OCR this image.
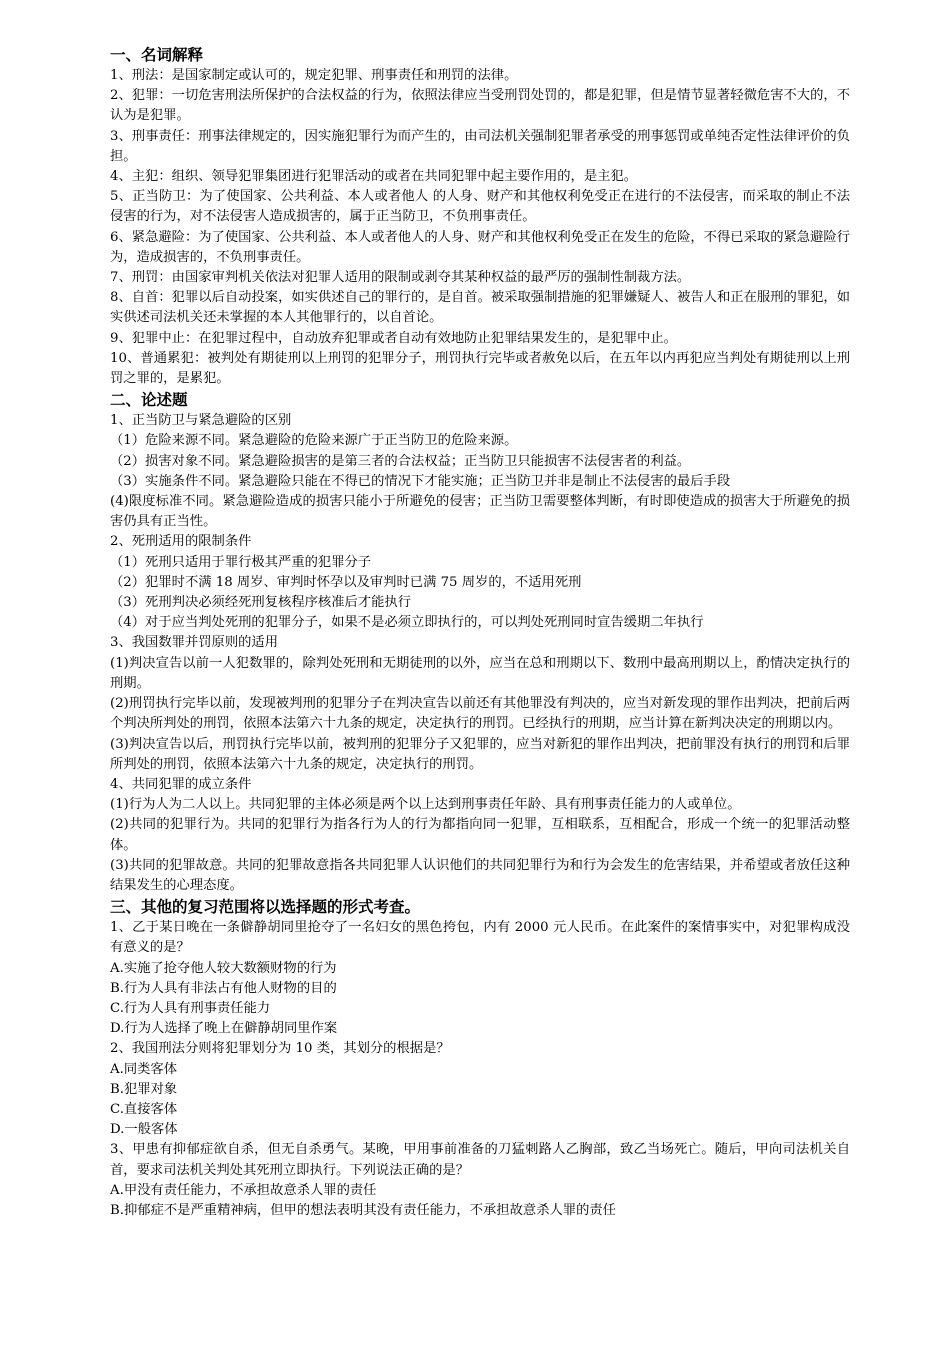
一、名词解释

1、刑法：是国家制定或认可的，规定犯罪、刑事责任和刑罚的法律。

2、犯罪：一切危害刑法所保护的合法权益的行为，依照法律应当受刑罚处罚的，都是犯罪，但是情节显著轻微危害不大的，不认为是犯罪。

3、刑事责任：刑事法律规定的，因实施犯罪行为而产生的，由司法机关强制犯罪者承受的刑事惩罚或单纯否定性法律评价的负担。

4、主犯：组织、领导犯罪集团进行犯罪活动的或者在共同犯罪中起主要作用的，是主犯。

5、正当防卫：为了使国家、公共利益、本人或者他人 的人身、财产和其他权利免受正在进行的不法侵害，而采取的制止不法侵害的行为，对不法侵害人造成损害的，属于正当防卫，不负刑事责任。

6、紧急避险：为了使国家、公共利益、本人或者他人的人身、财产和其他权利免受正在发生的危险，不得已采取的紧急避险行为，造成损害的，不负刑事责任。

7、刑罚：由国家审判机关依法对犯罪人适用的限制或剥夺其某种权益的最严厉的强制性制裁方法。

8、自首：犯罪以后自动投案，如实供述自己的罪行的，是自首。被采取强制措施的犯罪嫌疑人、被告人和正在服刑的罪犯，如实供述司法机关还未掌握的本人其他罪行的，以自首论。

9、犯罪中止：在犯罪过程中，自动放弃犯罪或者自动有效地防止犯罪结果发生的，是犯罪中止。

10、普通累犯：被判处有期徒刑以上刑罚的犯罪分子，刑罚执行完毕或者赦免以后，在五年以内再犯应当判处有期徒刑以上刑罚之罪的，是累犯。

二、论述题

1、正当防卫与紧急避险的区别

（1）危险来源不同。紧急避险的危险来源广于正当防卫的危险来源。

（2）损害对象不同。紧急避险损害的是第三者的合法权益；正当防卫只能损害不法侵害者的利益。

（3）实施条件不同。紧急避险只能在不得已的情况下才能实施；正当防卫并非是制止不法侵害的最后手段

(4)限度标准不同。紧急避险造成的损害只能小于所避免的侵害；正当防卫需要整体判断，有时即使造成的损害大于所避免的损害仍具有正当性。

2、死刑适用的限制条件

（1）死刑只适用于罪行极其严重的犯罪分子

（2）犯罪时不满 18 周岁、审判时怀孕以及审判时已满 75 周岁的，不适用死刑

（3）死刑判决必须经死刑复核程序核准后才能执行

（4）对于应当判处死刑的犯罪分子，如果不是必须立即执行的，可以判处死刑同时宣告缓期二年执行

3、我国数罪并罚原则的适用

(1)判决宣告以前一人犯数罪的，除判处死刑和无期徒刑的以外，应当在总和刑期以下、数刑中最高刑期以上，酌情决定执行的刑期。

(2)刑罚执行完毕以前，发现被判刑的犯罪分子在判决宣告以前还有其他罪没有判决的，应当对新发现的罪作出判决，把前后两个判决所判处的刑罚，依照本法第六十九条的规定，决定执行的刑罚。已经执行的刑期，应当计算在新判决决定的刑期以内。

(3)判决宣告以后，刑罚执行完毕以前，被判刑的犯罪分子又犯罪的，应当对新犯的罪作出判决，把前罪没有执行的刑罚和后罪所判处的刑罚，依照本法第六十九条的规定，决定执行的刑罚。

4、共同犯罪的成立条件

(1)行为人为二人以上。共同犯罪的主体必须是两个以上达到刑事责任年龄、具有刑事责任能力的人或单位。

(2)共同的犯罪行为。共同的犯罪行为指各行为人的行为都指向同一犯罪，互相联系，互相配合，形成一个统一的犯罪活动整体。

(3)共同的犯罪故意。共同的犯罪故意指各共同犯罪人认识他们的共同犯罪行为和行为会发生的危害结果，并希望或者放任这种结果发生的心理态度。

三、其他的复习范围将以选择题的形式考查。

1、乙于某日晚在一条僻静胡同里抢夺了一名妇女的黑色挎包，内有 2000 元人民币。在此案件的案情事实中，对犯罪构成没有意义的是？

A.实施了抢夺他人较大数额财物的行为

B.行为人具有非法占有他人财物的目的

C.行为人具有刑事责任能力

D.行为人选择了晚上在僻静胡同里作案

2、我国刑法分则将犯罪划分为 10 类，其划分的根据是？

A.同类客体

B.犯罪对象

C.直接客体

D.一般客体

3、甲患有抑郁症欲自杀，但无自杀勇气。某晚，甲用事前准备的刀猛刺路人乙胸部，致乙当场死亡。随后，甲向司法机关自首，要求司法机关判处其死刑立即执行。下列说法正确的是？

A.甲没有责任能力，不承担故意杀人罪的责任

B.抑郁症不是严重精神病，但甲的想法表明其没有责任能力，不承担故意杀人罪的责任
